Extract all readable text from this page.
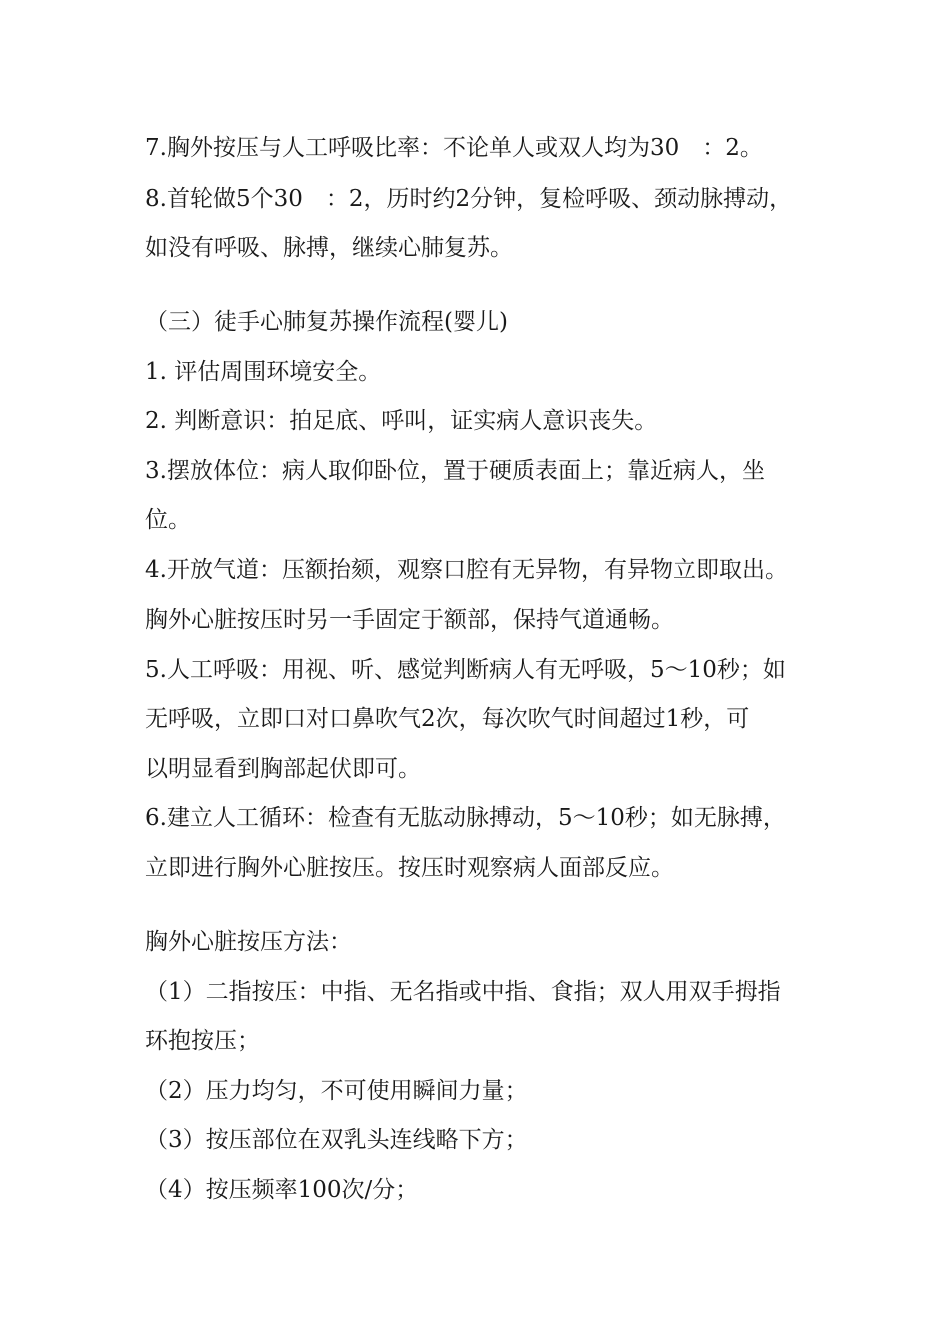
7.胸外按压与人工呼吸比率：不论单人或双人均为30　：2。
8.首轮做5个30　：2，历时约2分钟，复检呼吸、颈动脉搏动，
如没有呼吸、脉搏，继续心肺复苏。
（三）徒手心肺复苏操作流程(婴儿)
1. 评估周围环境安全。
2. 判断意识：拍足底、呼叫，证实病人意识丧失。
3.摆放体位：病人取仰卧位，置于硬质表面上；靠近病人，坐
位。
4.开放气道：压额抬颏，观察口腔有无异物，有异物立即取出。
胸外心脏按压时另一手固定于额部，保持气道通畅。
5.人工呼吸：用视、听、感觉判断病人有无呼吸，5～10秒；如
无呼吸，立即口对口鼻吹气2次，每次吹气时间超过1秒，可
以明显看到胸部起伏即可。
6.建立人工循环：检查有无肱动脉搏动，5～10秒；如无脉搏，
立即进行胸外心脏按压。按压时观察病人面部反应。
胸外心脏按压方法：
（1）二指按压：中指、无名指或中指、食指；双人用双手拇指
环抱按压；
（2）压力均匀，不可使用瞬间力量；
（3）按压部位在双乳头连线略下方；
（4）按压频率100次/分；
